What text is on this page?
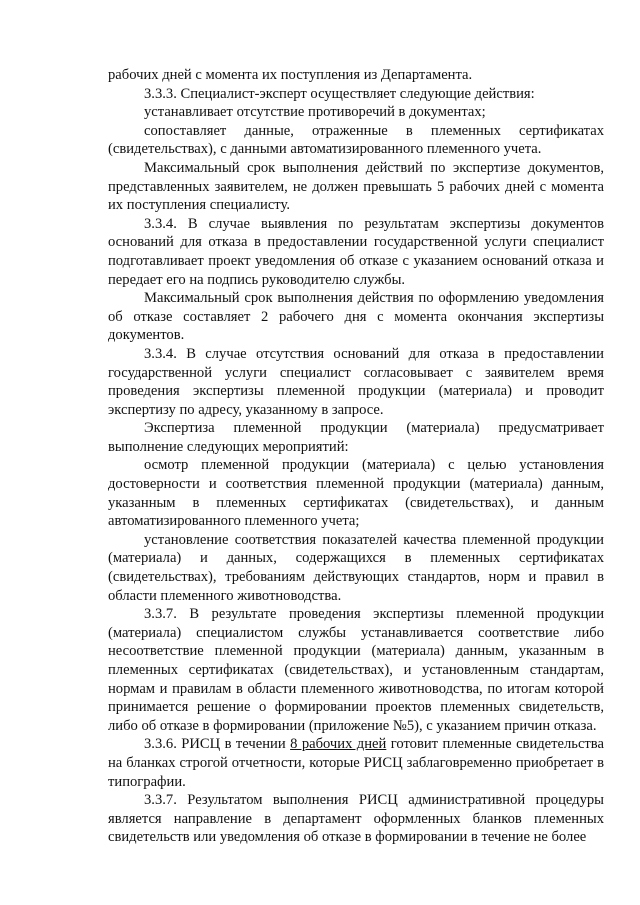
рабочих дней с момента их поступления из Департамента.

3.3.3. Специалист-эксперт осуществляет следующие действия:

устанавливает отсутствие противоречий в документах;

сопоставляет данные, отраженные в племенных сертификатах (свидетельствах), с данными автоматизированного племенного учета.

Максимальный срок выполнения действий по экспертизе документов, представленных заявителем, не должен превышать 5 рабочих дней с момента их поступления специалисту.

3.3.4. В случае выявления по результатам экспертизы документов оснований для отказа в предоставлении государственной услуги специалист подготавливает проект уведомления об отказе с указанием оснований отказа и передает его на подпись руководителю службы.

Максимальный срок выполнения действия по оформлению уведомления об отказе составляет 2 рабочего дня с момента окончания экспертизы документов.

3.3.4. В случае отсутствия оснований для отказа в предоставлении государственной услуги специалист согласовывает с заявителем время проведения экспертизы племенной продукции (материала) и проводит экспертизу по адресу, указанному в запросе.

Экспертиза племенной продукции (материала) предусматривает выполнение следующих мероприятий:

осмотр племенной продукции (материала) с целью установления достоверности и соответствия племенной продукции (материала) данным, указанным в племенных сертификатах (свидетельствах), и данным автоматизированного племенного учета;

установление соответствия показателей качества племенной продукции (материала) и данных, содержащихся в племенных сертификатах (свидетельствах), требованиям действующих стандартов, норм и правил в области племенного животноводства.

3.3.7. В результате проведения экспертизы племенной продукции (материала) специалистом службы устанавливается соответствие либо несоответствие племенной продукции (материала) данным, указанным в племенных сертификатах (свидетельствах), и установленным стандартам, нормам и правилам в области племенного животноводства, по итогам которой принимается решение о формировании проектов племенных свидетельств, либо об отказе в формировании (приложение №5), с указанием причин отказа.

3.3.6. РИСЦ в течении 8 рабочих дней готовит племенные свидетельства на бланках строгой отчетности, которые РИСЦ заблаговременно приобретает в типографии.

3.3.7. Результатом выполнения РИСЦ административной процедуры является направление в департамент оформленных бланков племенных свидетельств или уведомления об отказе в формировании в течение не более
